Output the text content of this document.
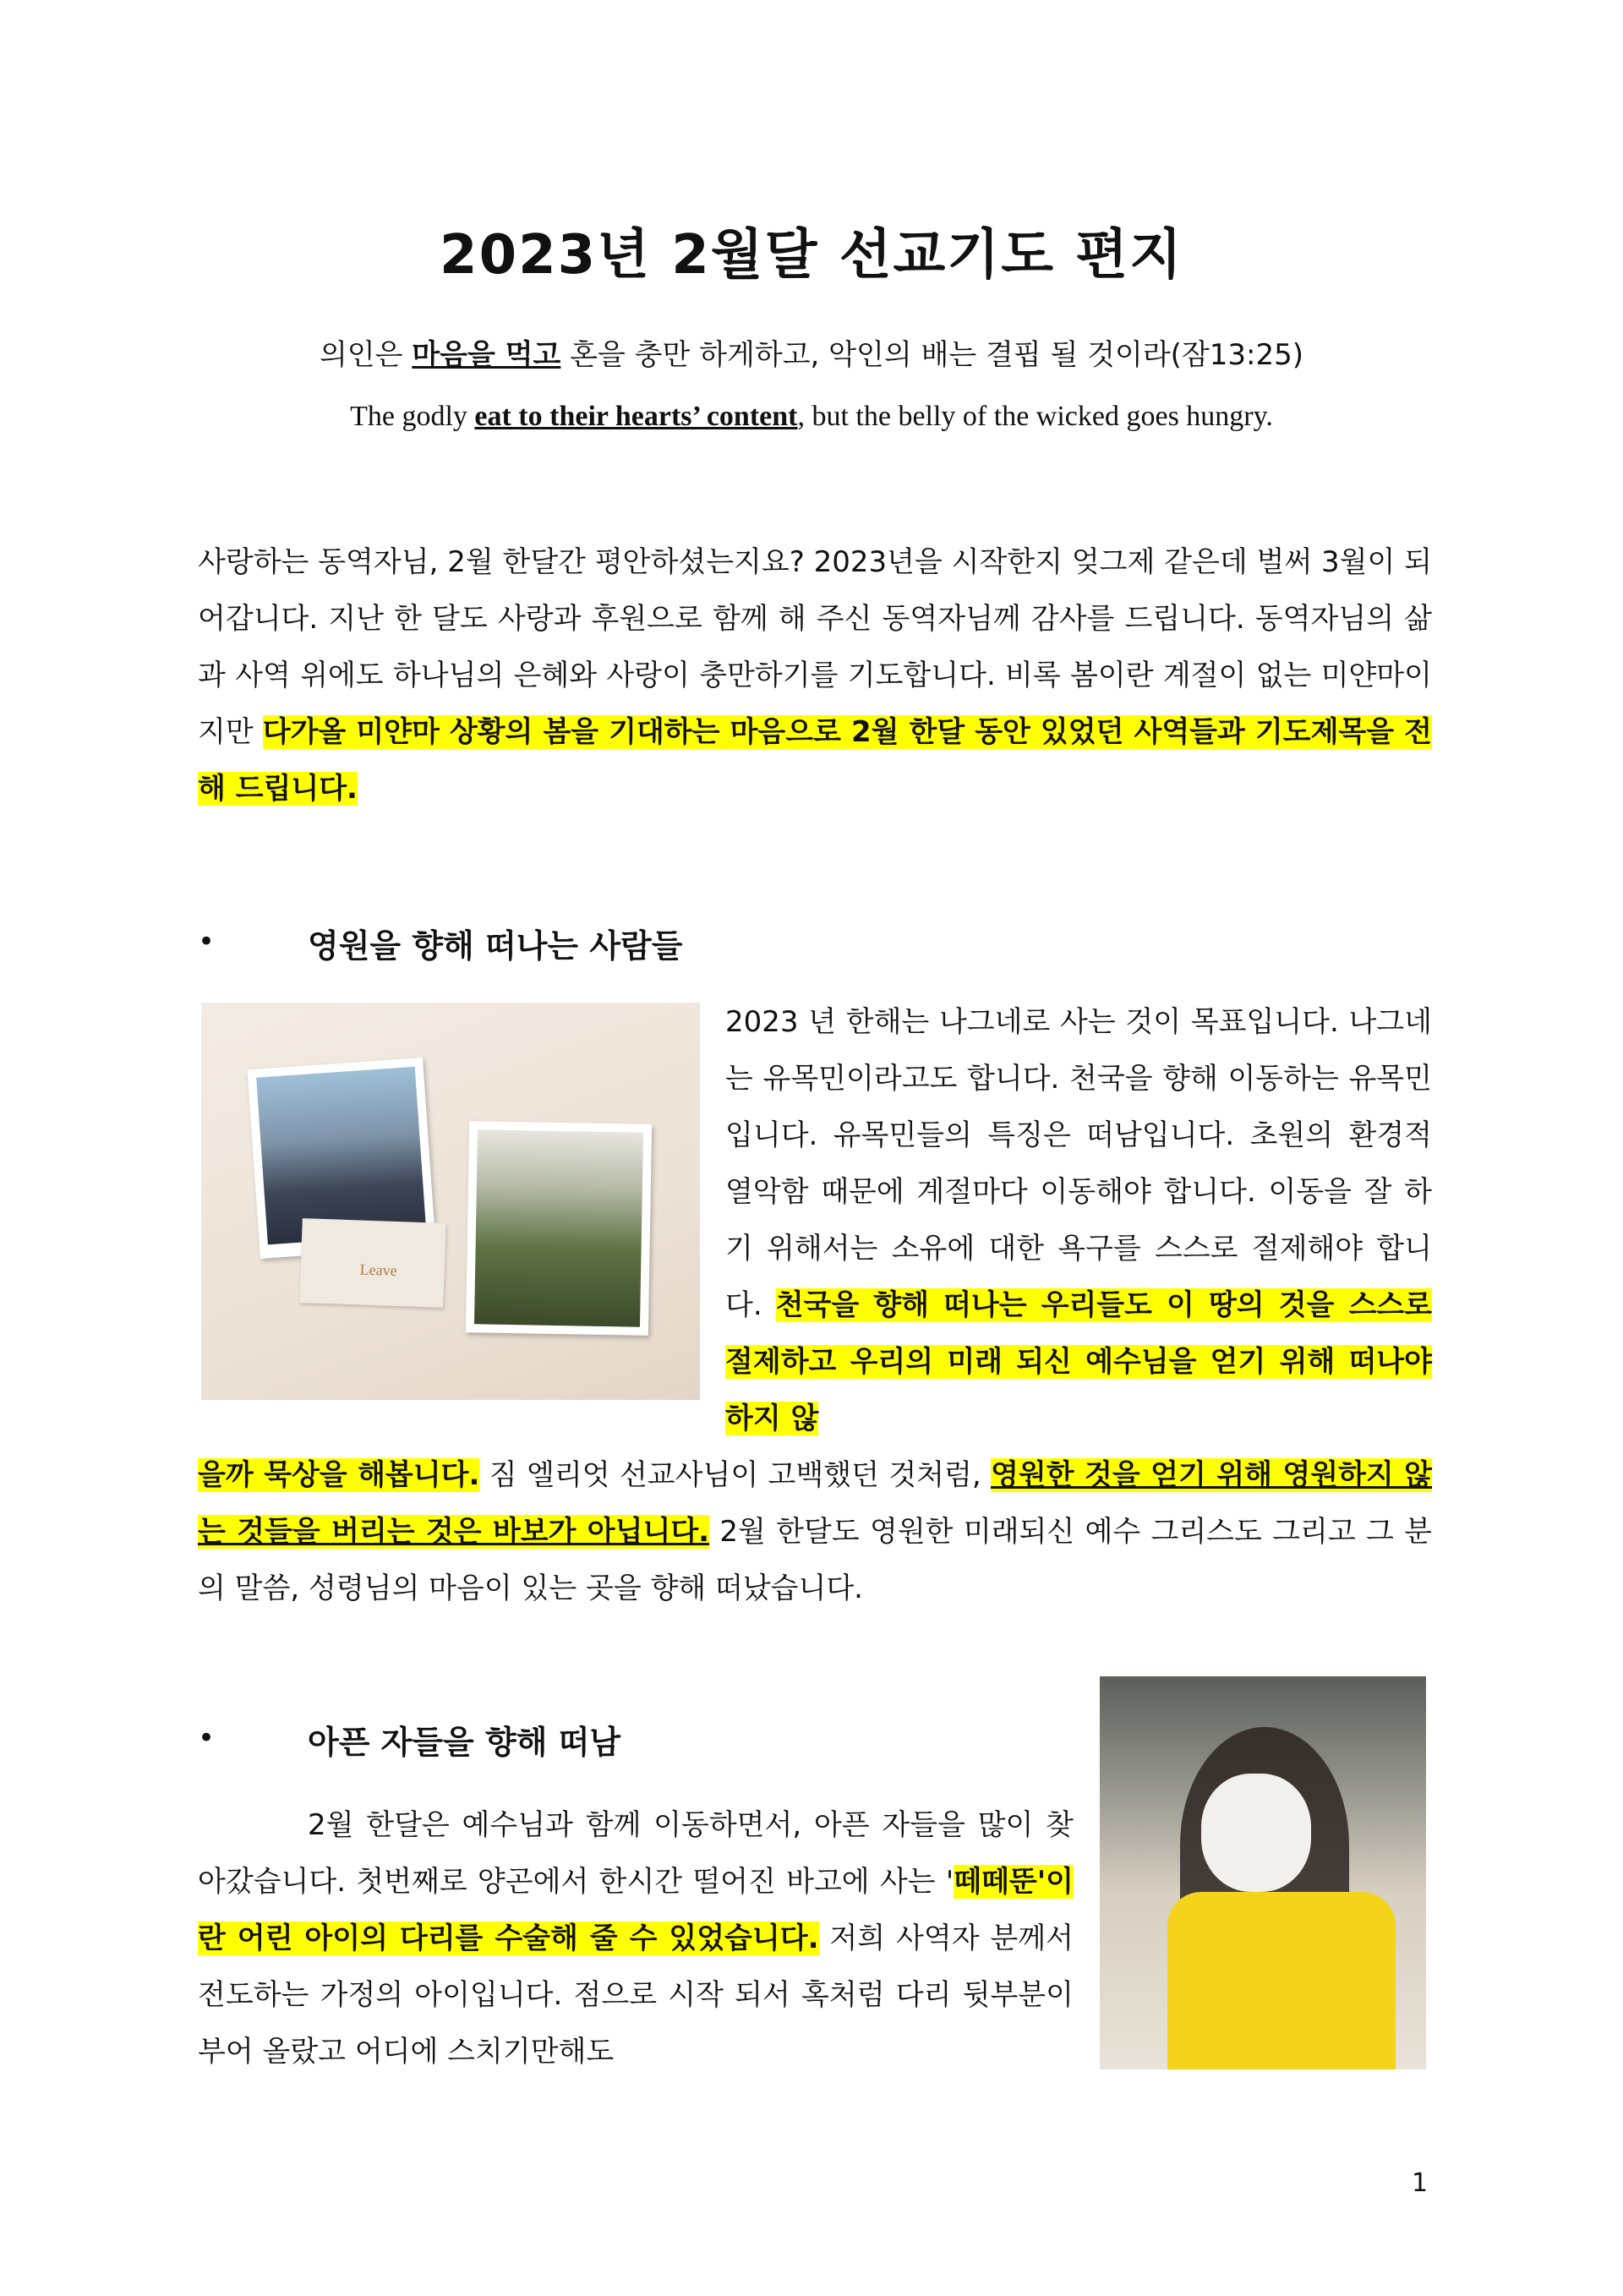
2023년 2월달 선교기도 편지
의인은 마음을 먹고 혼을 충만 하게하고, 악인의 배는 결핍 될 것이라(잠13:25)
The godly eat to their hearts’ content, but the belly of the wicked goes hungry.
사랑하는 동역자님, 2월 한달간 평안하셨는지요? 2023년을 시작한지 엊그제 같은데 벌써 3월이 되어갑니다. 지난 한 달도 사랑과 후원으로 함께 해 주신 동역자님께 감사를 드립니다. 동역자님의 삶과 사역 위에도 하나님의 은혜와 사랑이 충만하기를 기도합니다. 비록 봄이란 계절이 없는 미얀마이지만 다가올 미얀마 상황의 봄을 기대하는 마음으로 2월 한달 동안 있었던 사역들과 기도제목을 전해 드립니다.
•	영원을 향해 떠나는 사람들
Leave
2023 년 한해는 나그네로 사는 것이 목표입니다. 나그네는 유목민이라고도 합니다. 천국을 향해 이동하는 유목민입니다. 유목민들의 특징은 떠남입니다. 초원의 환경적 열악함 때문에 계절마다 이동해야 합니다. 이동을 잘 하기 위해서는 소유에 대한 욕구를 스스로 절제해야 합니다. 천국을 향해 떠나는 우리들도 이 땅의 것을 스스로 절제하고 우리의 미래 되신 예수님을 얻기 위해 떠나야 하지 않
을까 묵상을 해봅니다. 짐 엘리엇 선교사님이 고백했던 것처럼, 영원한 것을 얻기 위해 영원하지 않는 것들을 버리는 것은 바보가 아닙니다. 2월 한달도 영원한 미래되신 예수 그리스도 그리고 그 분의 말씀, 성령님의 마음이 있는 곳을 향해 떠났습니다.
•	아픈 자들을 향해 떠남
2월 한달은 예수님과 함께 이동하면서, 아픈 자들을 많이 찾아갔습니다. 첫번째로 양곤에서 한시간 떨어진 바고에 사는 '떼떼뚠'이란 어린 아이의 다리를 수술해 줄 수 있었습니다. 저희 사역자 분께서 전도하는 가정의 아이입니다. 점으로 시작 되서 혹처럼 다리 뒷부분이 부어 올랐고 어디에 스치기만해도
1
